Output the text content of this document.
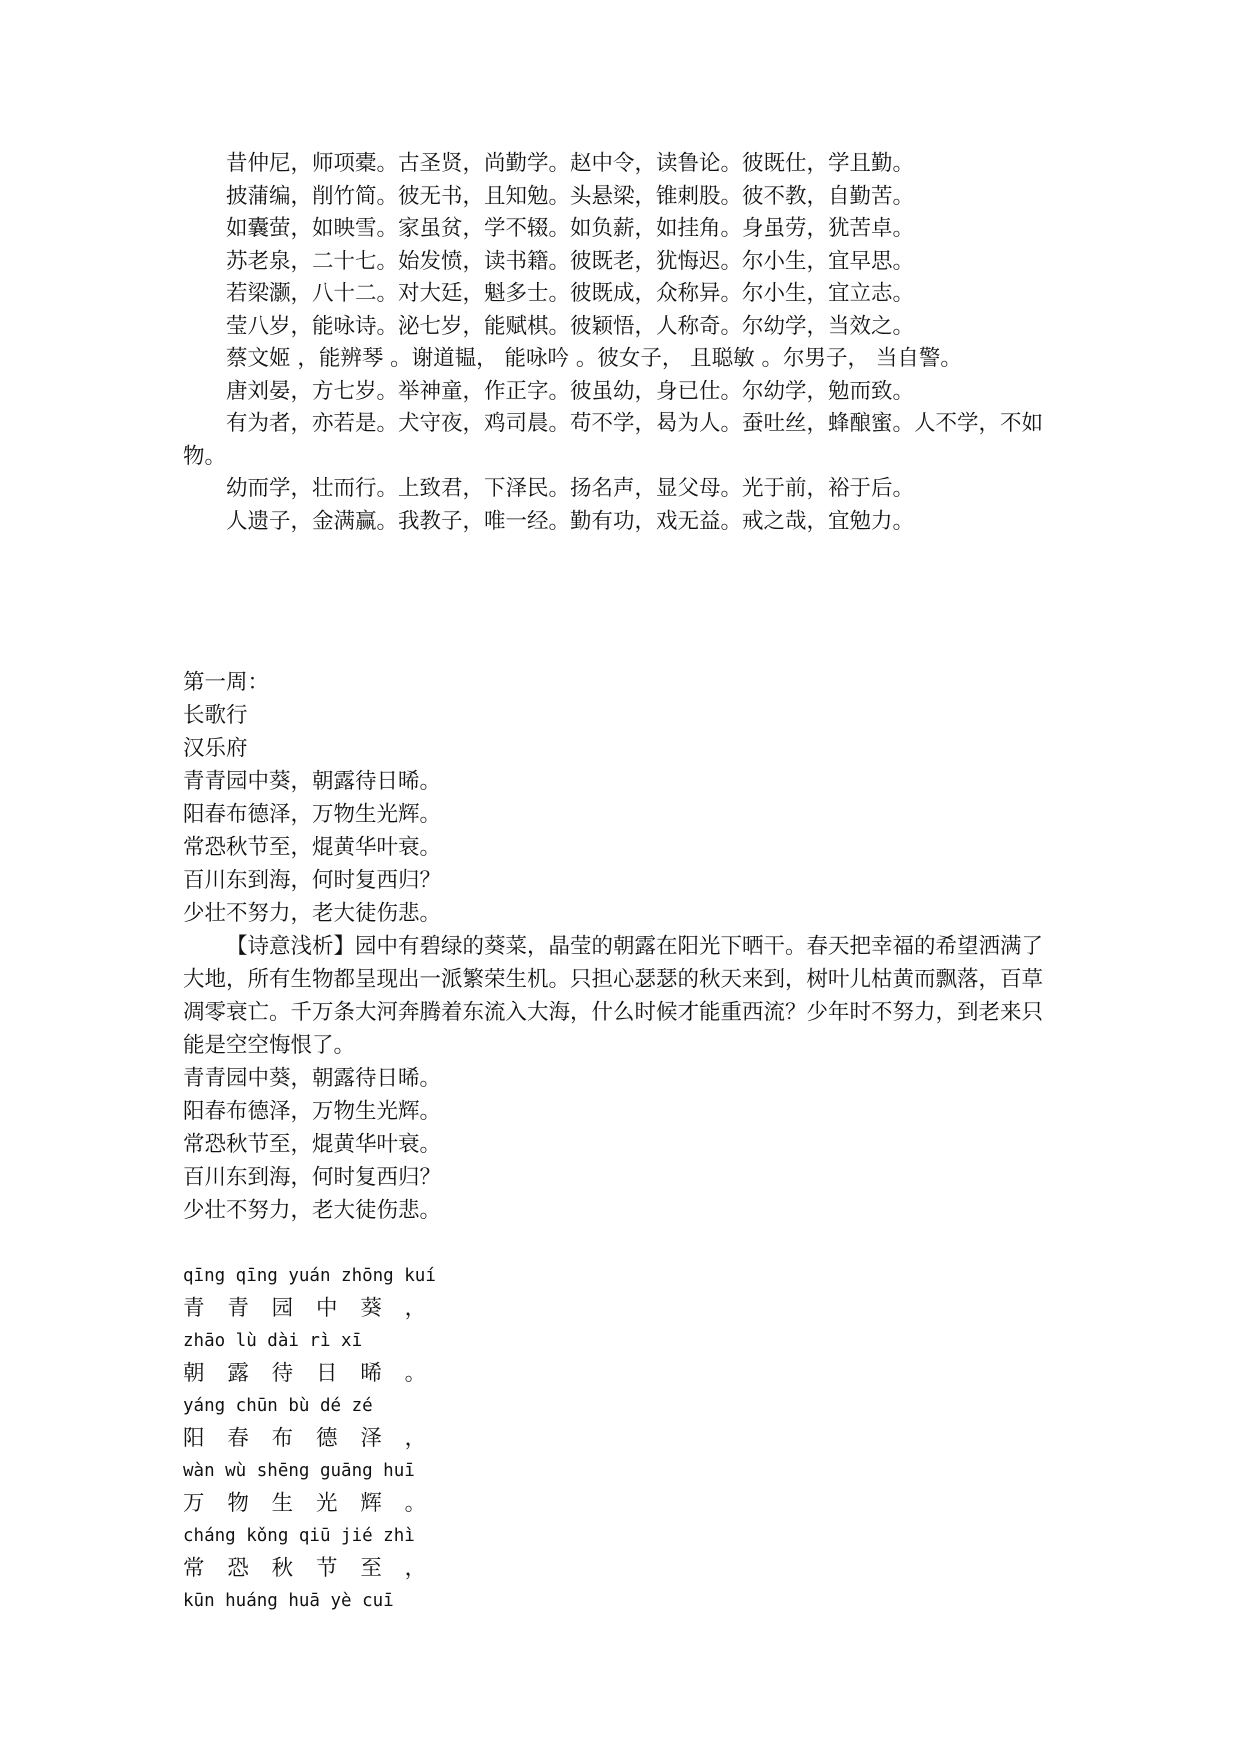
昔仲尼，师项橐。古圣贤，尚勤学。赵中令，读鲁论。彼既仕，学且勤。

披蒲编，削竹简。彼无书，且知勉。头悬梁，锥刺股。彼不教，自勤苦。

如囊萤，如映雪。家虽贫，学不辍。如负薪，如挂角。身虽劳，犹苦卓。

苏老泉，二十七。始发愤，读书籍。彼既老，犹悔迟。尔小生，宜早思。

若梁灏，八十二。对大廷，魁多士。彼既成，众称异。尔小生，宜立志。

莹八岁，能咏诗。泌七岁，能赋棋。彼颖悟，人称奇。尔幼学，当效之。

蔡文姬 ，能辨琴 。谢道韫， 能咏吟 。彼女子， 且聪敏 。尔男子， 当自警。

唐刘晏，方七岁。举神童，作正字。彼虽幼，身已仕。尔幼学，勉而致。

有为者，亦若是。犬守夜，鸡司晨。苟不学，曷为人。蚕吐丝，蜂酿蜜。人不学，不如物。

幼而学，壮而行。上致君，下泽民。扬名声，显父母。光于前，裕于后。

人遗子，金满赢。我教子，唯一经。勤有功，戏无益。戒之哉，宜勉力。

第一周：

长歌行

汉乐府

青青园中葵，朝露待日晞。

阳春布德泽，万物生光辉。

常恐秋节至，焜黄华叶衰。

百川东到海，何时复西归？

少壮不努力，老大徒伤悲。

【诗意浅析】园中有碧绿的葵菜，晶莹的朝露在阳光下晒干。春天把幸福的希望洒满了大地，所有生物都呈现出一派繁荣生机。只担心瑟瑟的秋天来到，树叶儿枯黄而飘落，百草凋零衰亡。千万条大河奔腾着东流入大海，什么时候才能重西流？少年时不努力，到老来只能是空空悔恨了。

青青园中葵，朝露待日晞。

阳春布德泽，万物生光辉。

常恐秋节至，焜黄华叶衰。

百川东到海，何时复西归？

少壮不努力，老大徒伤悲。

qīng qīng yuán zhōng kuí

青 青 园 中 葵 ，

zhāo lù dài rì xī

朝 露 待 日 晞 。

yáng chūn bù dé zé

阳 春 布 德 泽 ，

wàn wù shēng guāng huī

万 物 生 光 辉 。

cháng kǒng qiū jié zhì

常 恐 秋 节 至 ，

kūn huáng huā yè cuī
